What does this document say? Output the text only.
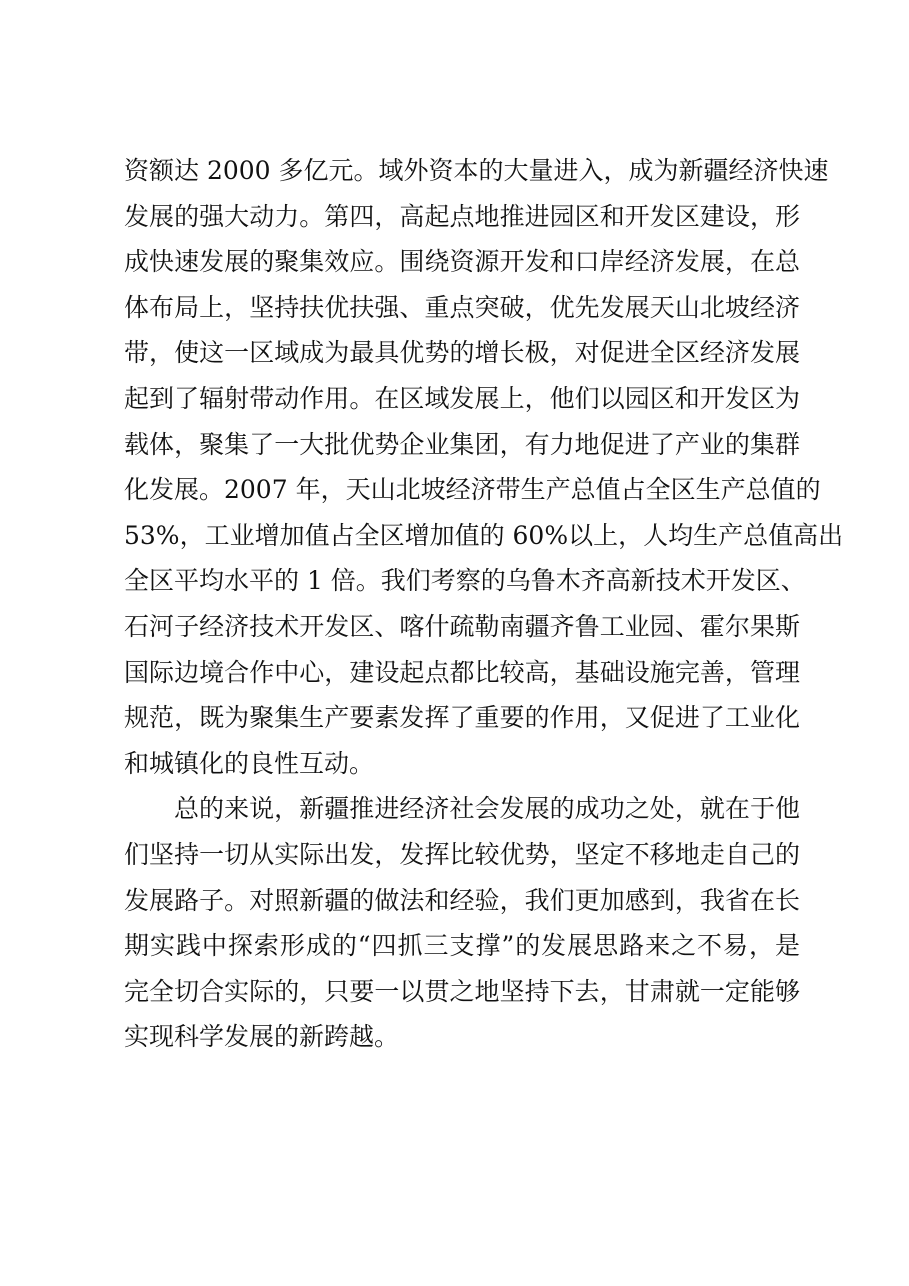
资额达 2000 多亿元。域外资本的大量进入，成为新疆经济快速
发展的强大动力。第四，高起点地推进园区和开发区建设，形
成快速发展的聚集效应。围绕资源开发和口岸经济发展，在总
体布局上，坚持扶优扶强、重点突破，优先发展天山北坡经济
带，使这一区域成为最具优势的增长极，对促进全区经济发展
起到了辐射带动作用。在区域发展上，他们以园区和开发区为
载体，聚集了一大批优势企业集团，有力地促进了产业的集群
化发展。2007 年，天山北坡经济带生产总值占全区生产总值的
53%，工业增加值占全区增加值的 60%以上，人均生产总值高出
全区平均水平的 1 倍。我们考察的乌鲁木齐高新技术开发区、
石河子经济技术开发区、喀什疏勒南疆齐鲁工业园、霍尔果斯
国际边境合作中心，建设起点都比较高，基础设施完善，管理
规范，既为聚集生产要素发挥了重要的作用，又促进了工业化
和城镇化的良性互动。
总的来说，新疆推进经济社会发展的成功之处，就在于他
们坚持一切从实际出发，发挥比较优势，坚定不移地走自己的
发展路子。对照新疆的做法和经验，我们更加感到，我省在长
期实践中探索形成的“四抓三支撑”的发展思路来之不易，是
完全切合实际的，只要一以贯之地坚持下去，甘肃就一定能够
实现科学发展的新跨越。
